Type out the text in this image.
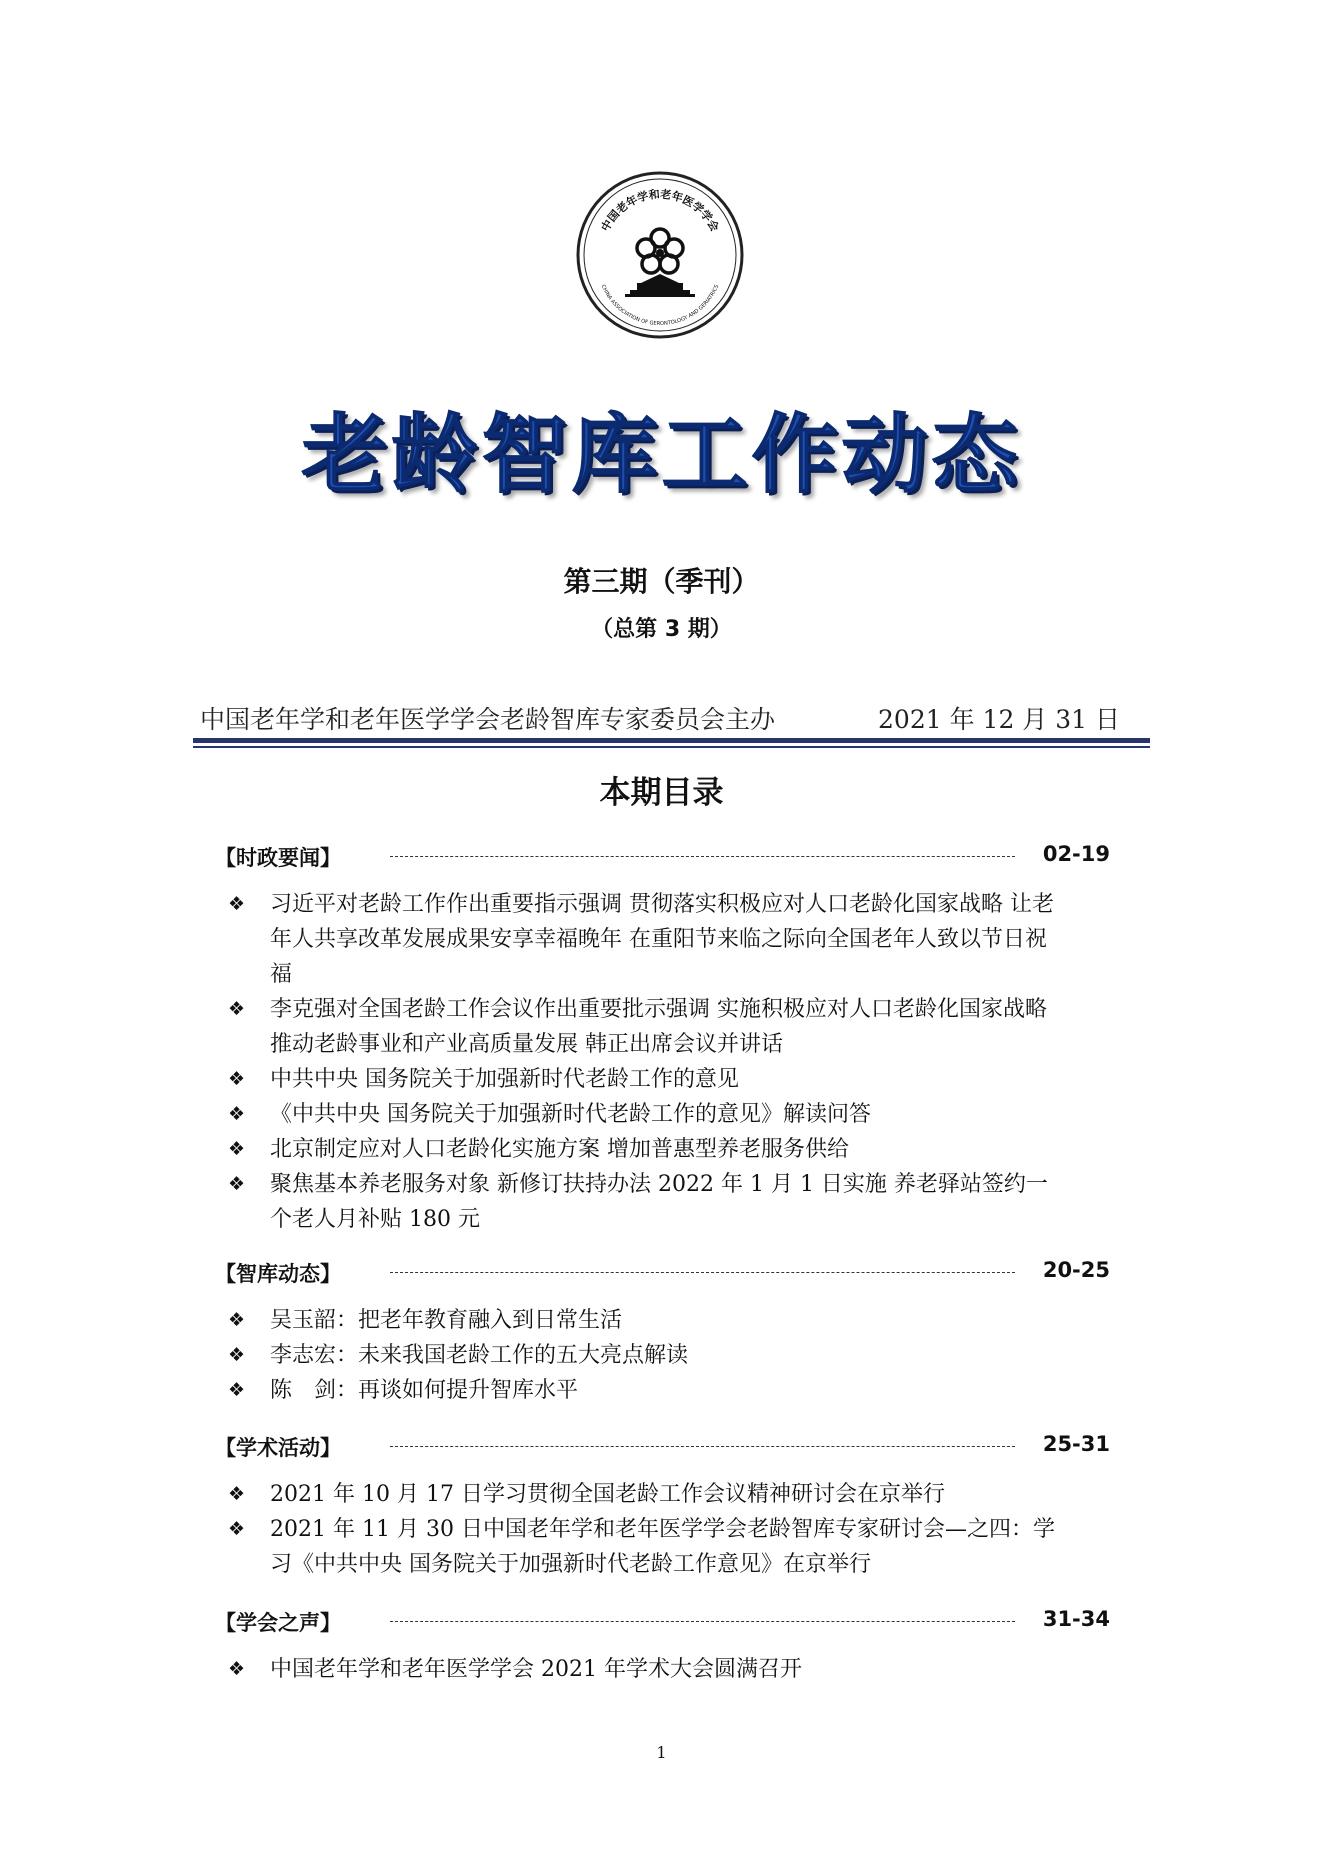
中国老年学和老年医学学会
CHINA ASSOCIATION OF GERONTOLOGY AND GERIATRICS
老龄智库工作动态
第三期（季刊）
（总第 3 期）
中国老年学和老年医学学会老龄智库专家委员会主办	2021 年 12 月 31 日
本期目录
【时政要闻】	02-19
❖	习近平对老龄工作作出重要指示强调 贯彻落实积极应对人口老龄化国家战略 让老年人共享改革发展成果安享幸福晚年 在重阳节来临之际向全国老年人致以节日祝福
❖	李克强对全国老龄工作会议作出重要批示强调 实施积极应对人口老龄化国家战略推动老龄事业和产业高质量发展 韩正出席会议并讲话
❖	中共中央 国务院关于加强新时代老龄工作的意见
❖	《中共中央 国务院关于加强新时代老龄工作的意见》解读问答
❖	北京制定应对人口老龄化实施方案 增加普惠型养老服务供给
❖	聚焦基本养老服务对象 新修订扶持办法 2022 年 1 月 1 日实施 养老驿站签约一个老人月补贴 180 元
【智库动态】	20-25
❖	吴玉韶：把老年教育融入到日常生活
❖	李志宏：未来我国老龄工作的五大亮点解读
❖	陈　剑：再谈如何提升智库水平
【学术活动】	25-31
❖	2021 年 10 月 17 日学习贯彻全国老龄工作会议精神研讨会在京举行
❖	2021 年 11 月 30 日中国老年学和老年医学学会老龄智库专家研讨会—之四：学习《中共中央 国务院关于加强新时代老龄工作意见》在京举行
【学会之声】	31-34
❖	中国老年学和老年医学学会 2021 年学术大会圆满召开
1
